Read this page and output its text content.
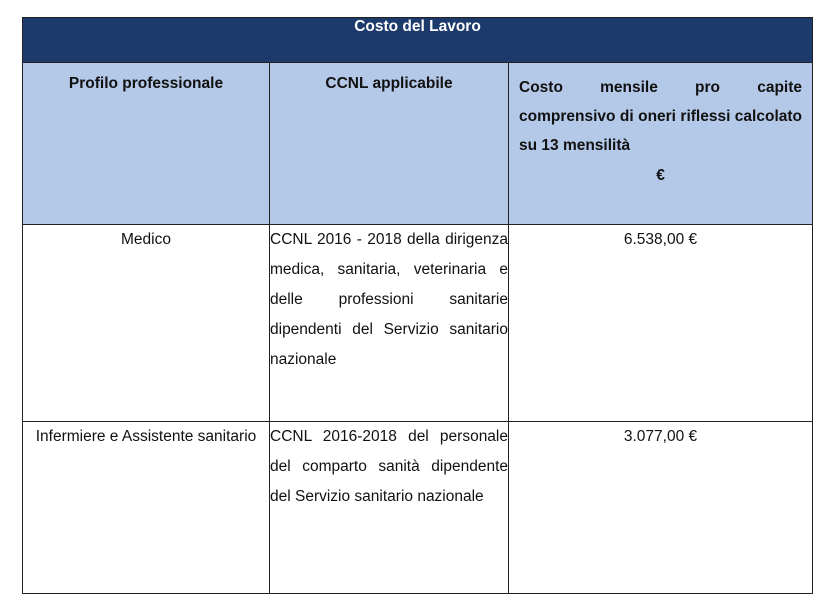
Costo del Lavoro		
Profilo professionale	CCNL applicabile	Costo mensile pro capite comprensivo di oneri riflessi calcolato su 13 mensilità
€

Medico	CCNL 2016 - 2018 della dirigenza medica, sanitaria, veterinaria e delle professioni sanitarie dipendenti del Servizio sanitario nazionale	6.538,00 €
Infermiere e Assistente sanitario	CCNL 2016-2018 del personale del comparto sanità dipendente del Servizio sanitario nazionale	3.077,00 €
